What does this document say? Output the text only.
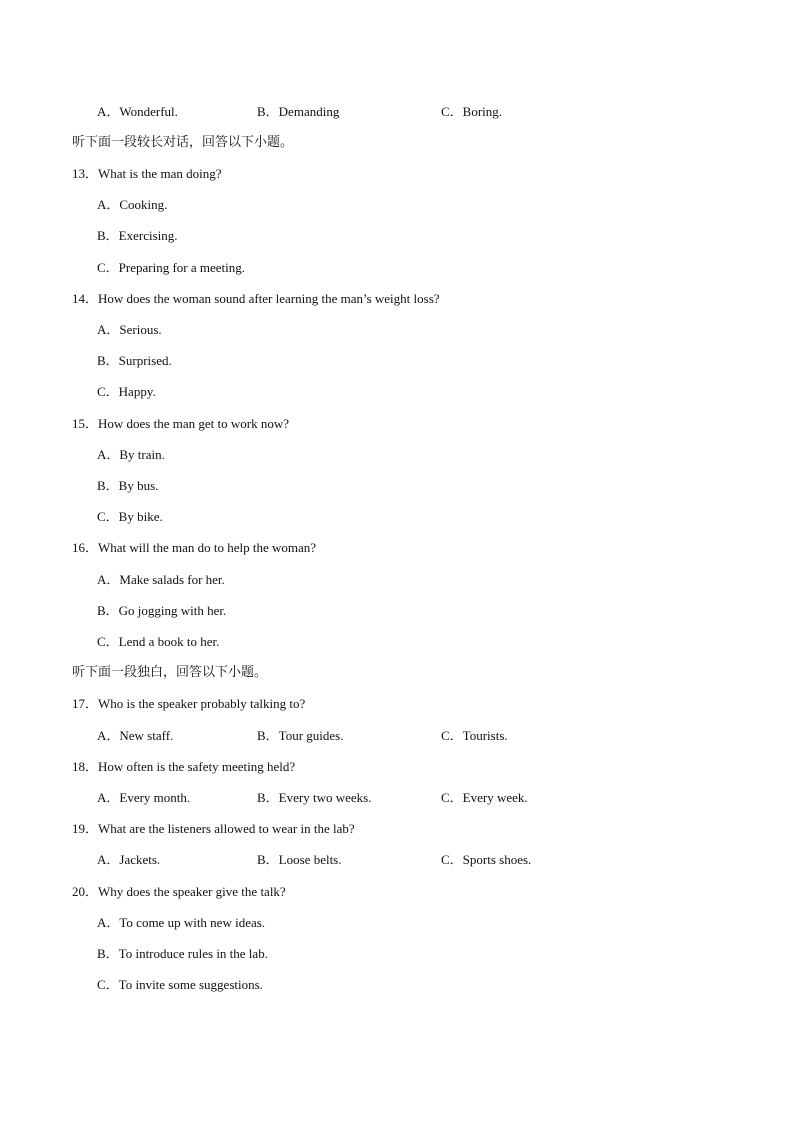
A．Wonderful.	B．Demanding	C．Boring.
听下面一段较长对话，回答以下小题。
13．What is the man doing?
A．Cooking.
B．Exercising.
C．Preparing for a meeting.
14．How does the woman sound after learning the man’s weight loss?
A．Serious.
B．Surprised.
C．Happy.
15．How does the man get to work now?
A．By train.
B．By bus.
C．By bike.
16．What will the man do to help the woman?
A．Make salads for her.
B．Go jogging with her.
C．Lend a book to her.
听下面一段独白，回答以下小题。
17．Who is the speaker probably talking to?
A．New staff.	B．Tour guides.	C．Tourists.
18．How often is the safety meeting held?
A．Every month.	B．Every two weeks.	C．Every week.
19．What are the listeners allowed to wear in the lab?
A．Jackets.	B．Loose belts.	C．Sports shoes.
20．Why does the speaker give the talk?
A．To come up with new ideas.
B．To introduce rules in the lab.
C．To invite some suggestions.
